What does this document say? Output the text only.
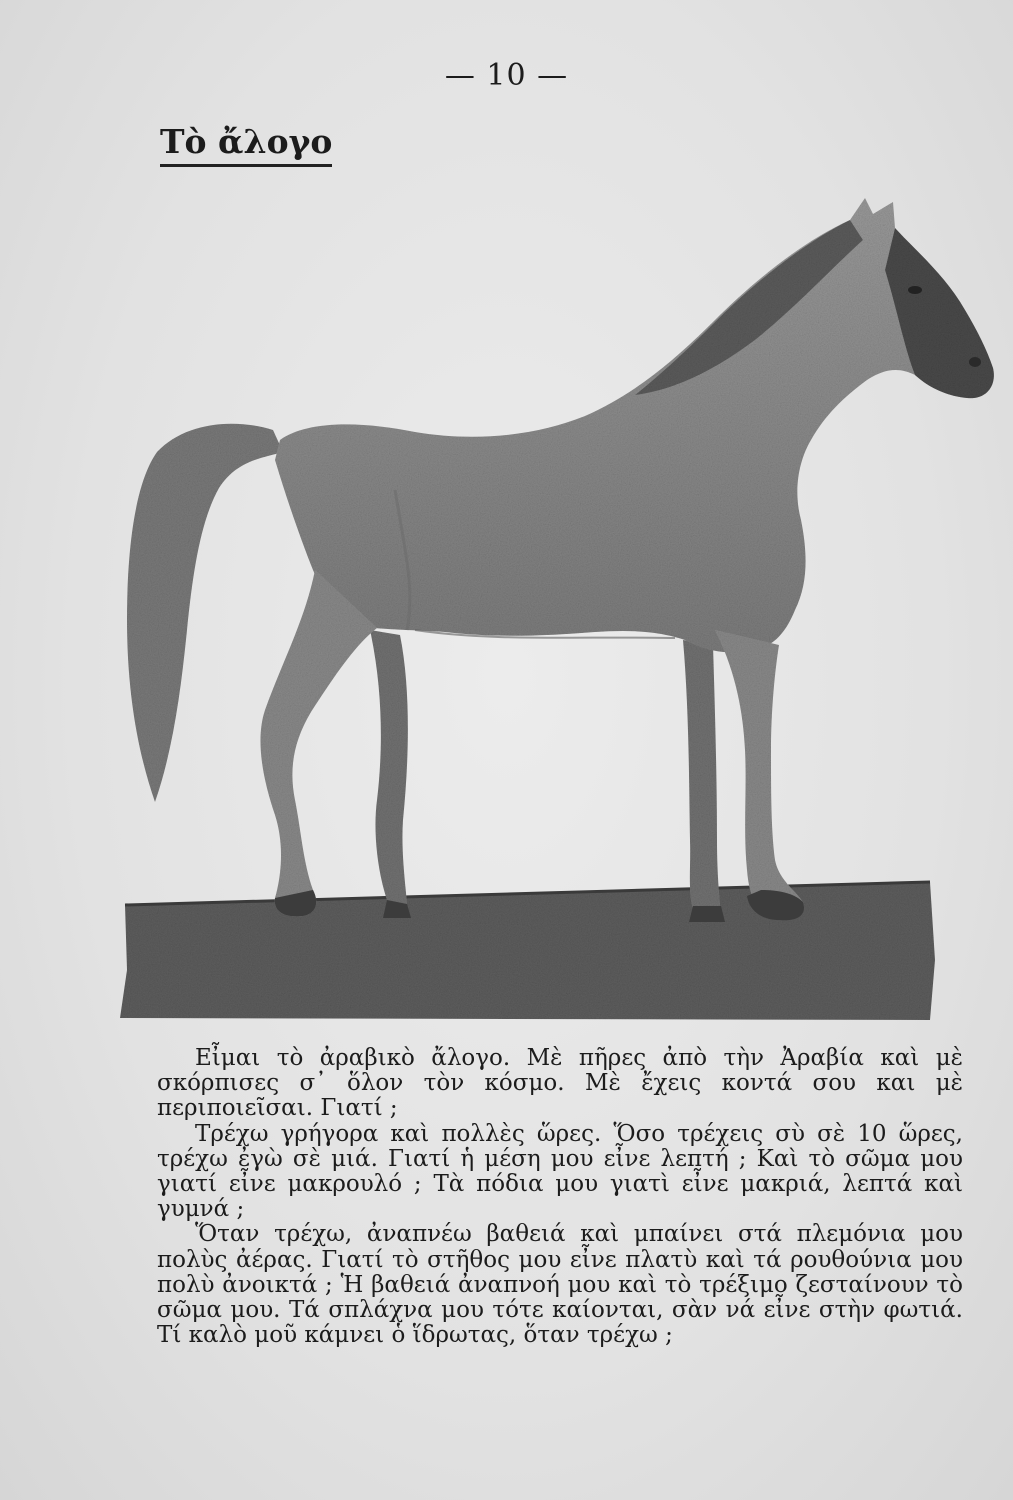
— 10 —
Τὸ ἄλογο

Εἶμαι τὸ ἀραβικὸ ἄλογο. Μὲ πῆρες ἀπὸ τὴν Ἀραβία καὶ μὲ σκόρπισες σ᾽ ὅλον τὸν κόσμο. Μὲ ἔχεις κοντά σου και μὲ περιποιεῖσαι. Γιατί ;

Τρέχω γρήγορα καὶ πολλὲς ὥρες. Ὅσο τρέχεις σὺ σὲ 10 ὥρες, τρέχω ἐγὼ σὲ μιά. Γιατί ἡ μέση μου εἶνε λεπτή ; Καὶ τὸ σῶμα μου γιατί εἶνε μακρουλό ; Τὰ πόδια μου γιατὶ εἶνε μακριά, λεπτά καὶ γυμνά ;

Ὅταν τρέχω, ἀναπνέω βαθειά καὶ μπαίνει στά πλεμόνια μου πολὺς ἀέρας. Γιατί τὸ στῆθος μου εἶνε πλατὺ καὶ τά ρουθούνια μου πολὺ ἀνοικτά ; Ἡ βαθειά ἀναπνοή μου καὶ τὸ τρέξιμο ζεσταίνουν τὸ σῶμα μου. Τά σπλάχνα μου τότε καίονται, σὰν νά εἶνε στὴν φωτιά. Τί καλὸ μοῦ κάμνει ὁ ἵδρωτας, ὅταν τρέχω ;
